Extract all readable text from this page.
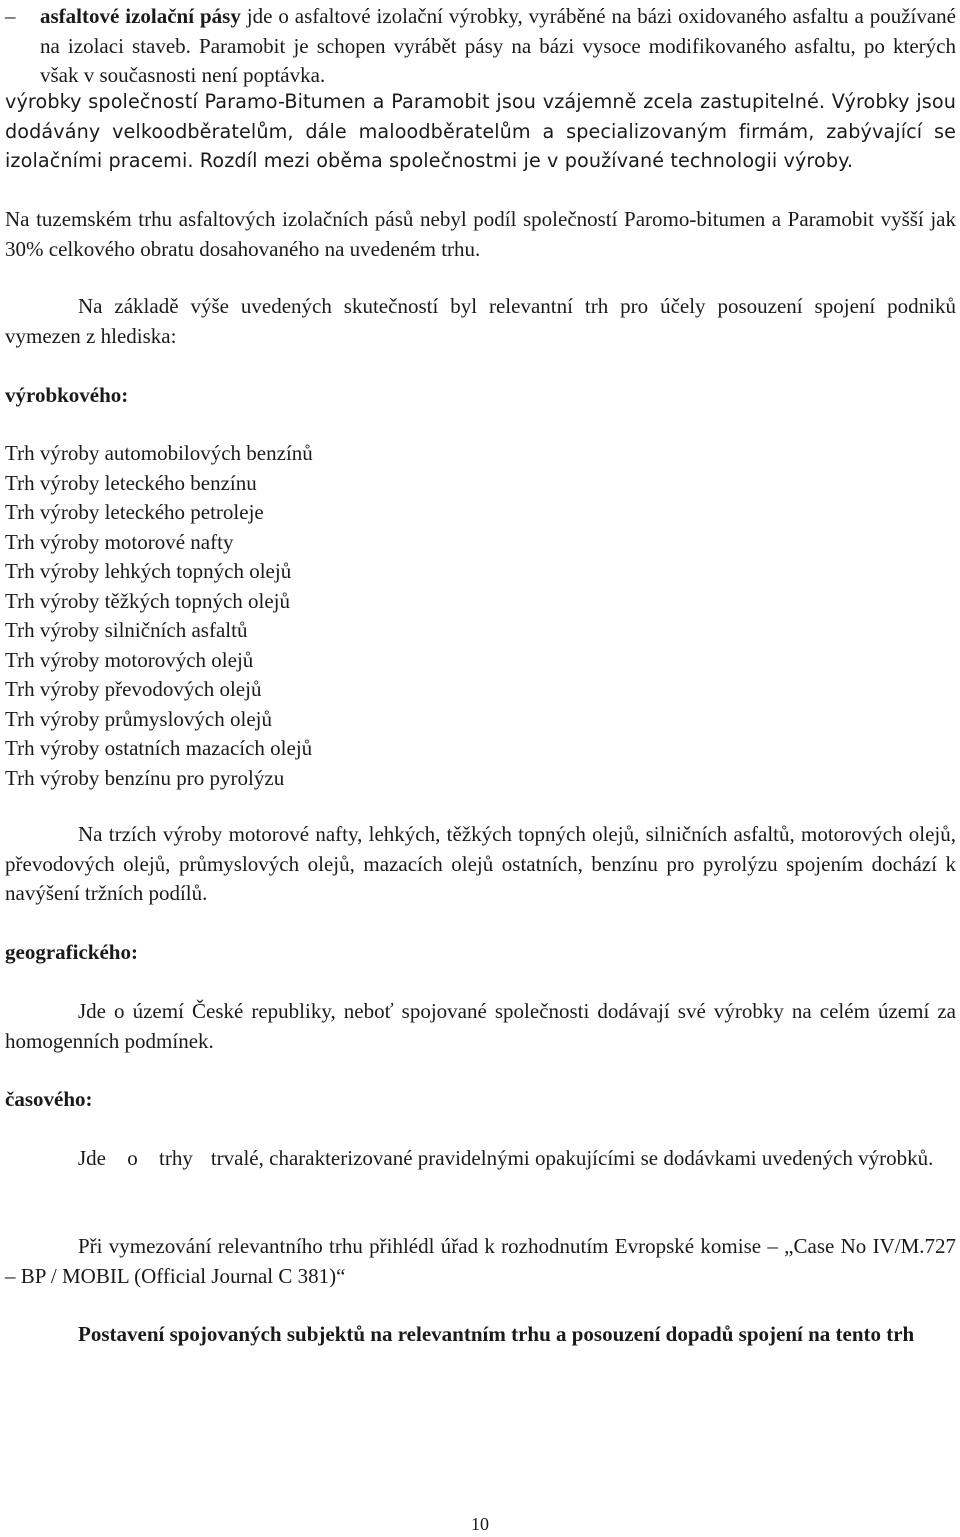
– asfaltové izolační pásy jde o asfaltové izolační výrobky, vyráběné na bázi oxidovaného asfaltu a používané na izolaci staveb. Paramobit je schopen vyrábět pásy na bázi vysoce modifikovaného asfaltu, po kterých však v současnosti není poptávka.

výrobky společností Paramo-Bitumen a Paramobit jsou vzájemně zcela zastupitelné. Výrobky jsou dodávány velkoodběratelům, dále maloodběratelům a specializovaným firmám, zabývající se izolačními pracemi. Rozdíl mezi oběma společnostmi je v používané technologii výroby.

Na tuzemském trhu asfaltových izolačních pásů nebyl podíl společností Paromo-bitumen a Paramobit vyšší jak 30% celkového obratu dosahovaného na uvedeném trhu.

Na základě výše uvedených skutečností byl relevantní trh pro účely posouzení spojení podniků vymezen z hlediska:

výrobkového:

Trh výroby automobilových benzínů
Trh výroby leteckého benzínu
Trh výroby leteckého petroleje
Trh výroby motorové nafty
Trh výroby lehkých topných olejů
Trh výroby těžkých topných olejů
Trh výroby silničních asfaltů
Trh výroby motorových olejů
Trh výroby převodových olejů
Trh výroby průmyslových olejů
Trh výroby ostatních mazacích olejů
Trh výroby benzínu pro pyrolýzu

Na trzích výroby motorové nafty, lehkých, těžkých topných olejů, silničních asfaltů, motorových olejů, převodových olejů, průmyslových olejů, mazacích olejů ostatních, benzínu pro pyrolýzu spojením dochází k navýšení tržních podílů.

geografického:

Jde o území České republiky, neboť spojované společnosti dodávají své výrobky na celém území za homogenních podmínek.

časového:

Jde o trhy trvalé, charakterizované pravidelnými opakujícími se dodávkami uvedených výrobků.

Při vymezování relevantního trhu přihlédl úřad k rozhodnutím Evropské komise – „Case No IV/M.727 – BP / MOBIL (Official Journal C 381)“

Postavení spojovaných subjektů na relevantním trhu a posouzení dopadů spojení na tento trh

10
